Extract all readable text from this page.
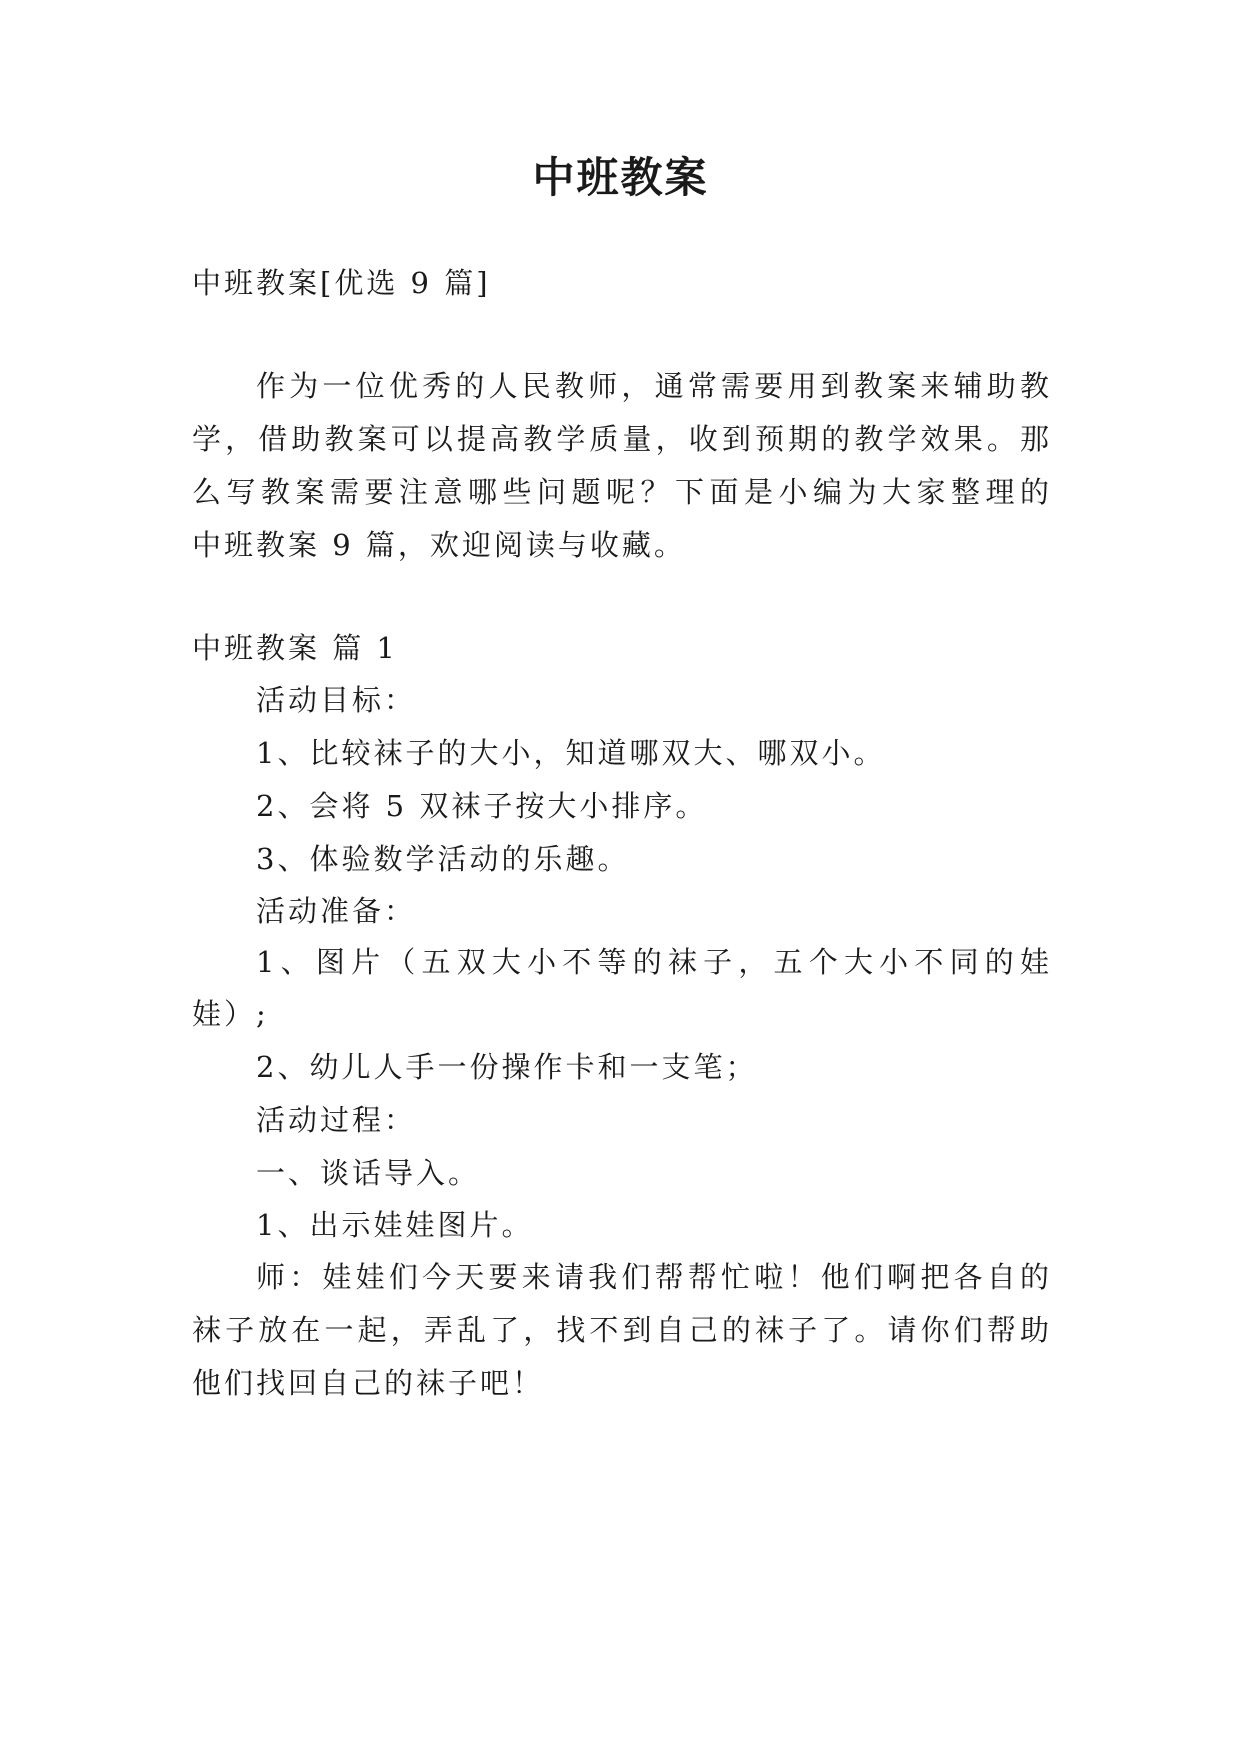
中班教案
中班教案[优选 9 篇]
作为一位优秀的人民教师，通常需要用到教案来辅助教
学，借助教案可以提高教学质量，收到预期的教学效果。那
么写教案需要注意哪些问题呢？下面是小编为大家整理的
中班教案 9 篇，欢迎阅读与收藏。
中班教案 篇 1
活动目标：
1、比较袜子的大小，知道哪双大、哪双小。
2、会将 5 双袜子按大小排序。
3、体验数学活动的乐趣。
活动准备：
1、图片（五双大小不等的袜子，五个大小不同的娃
娃）;
2、幼儿人手一份操作卡和一支笔；
活动过程：
一、谈话导入。
1、出示娃娃图片。
师：娃娃们今天要来请我们帮帮忙啦！他们啊把各自的
袜子放在一起，弄乱了，找不到自己的袜子了。请你们帮助
他们找回自己的袜子吧！
